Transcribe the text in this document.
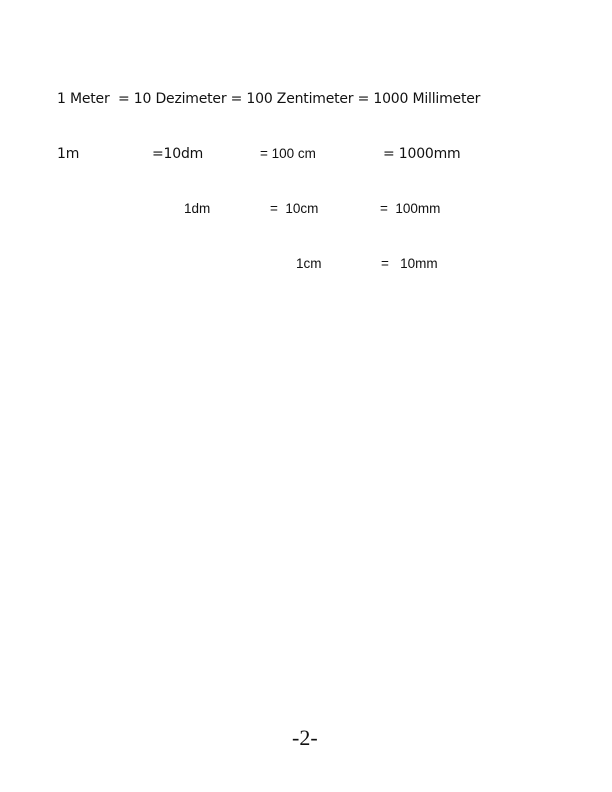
1 Meter  = 10 Dezimeter = 100 Zentimeter = 1000 Millimeter
1m	=10dm	= 100 cm	= 1000mm
1dm	=  10cm	=  100mm
1cm	=   10mm
-2-
